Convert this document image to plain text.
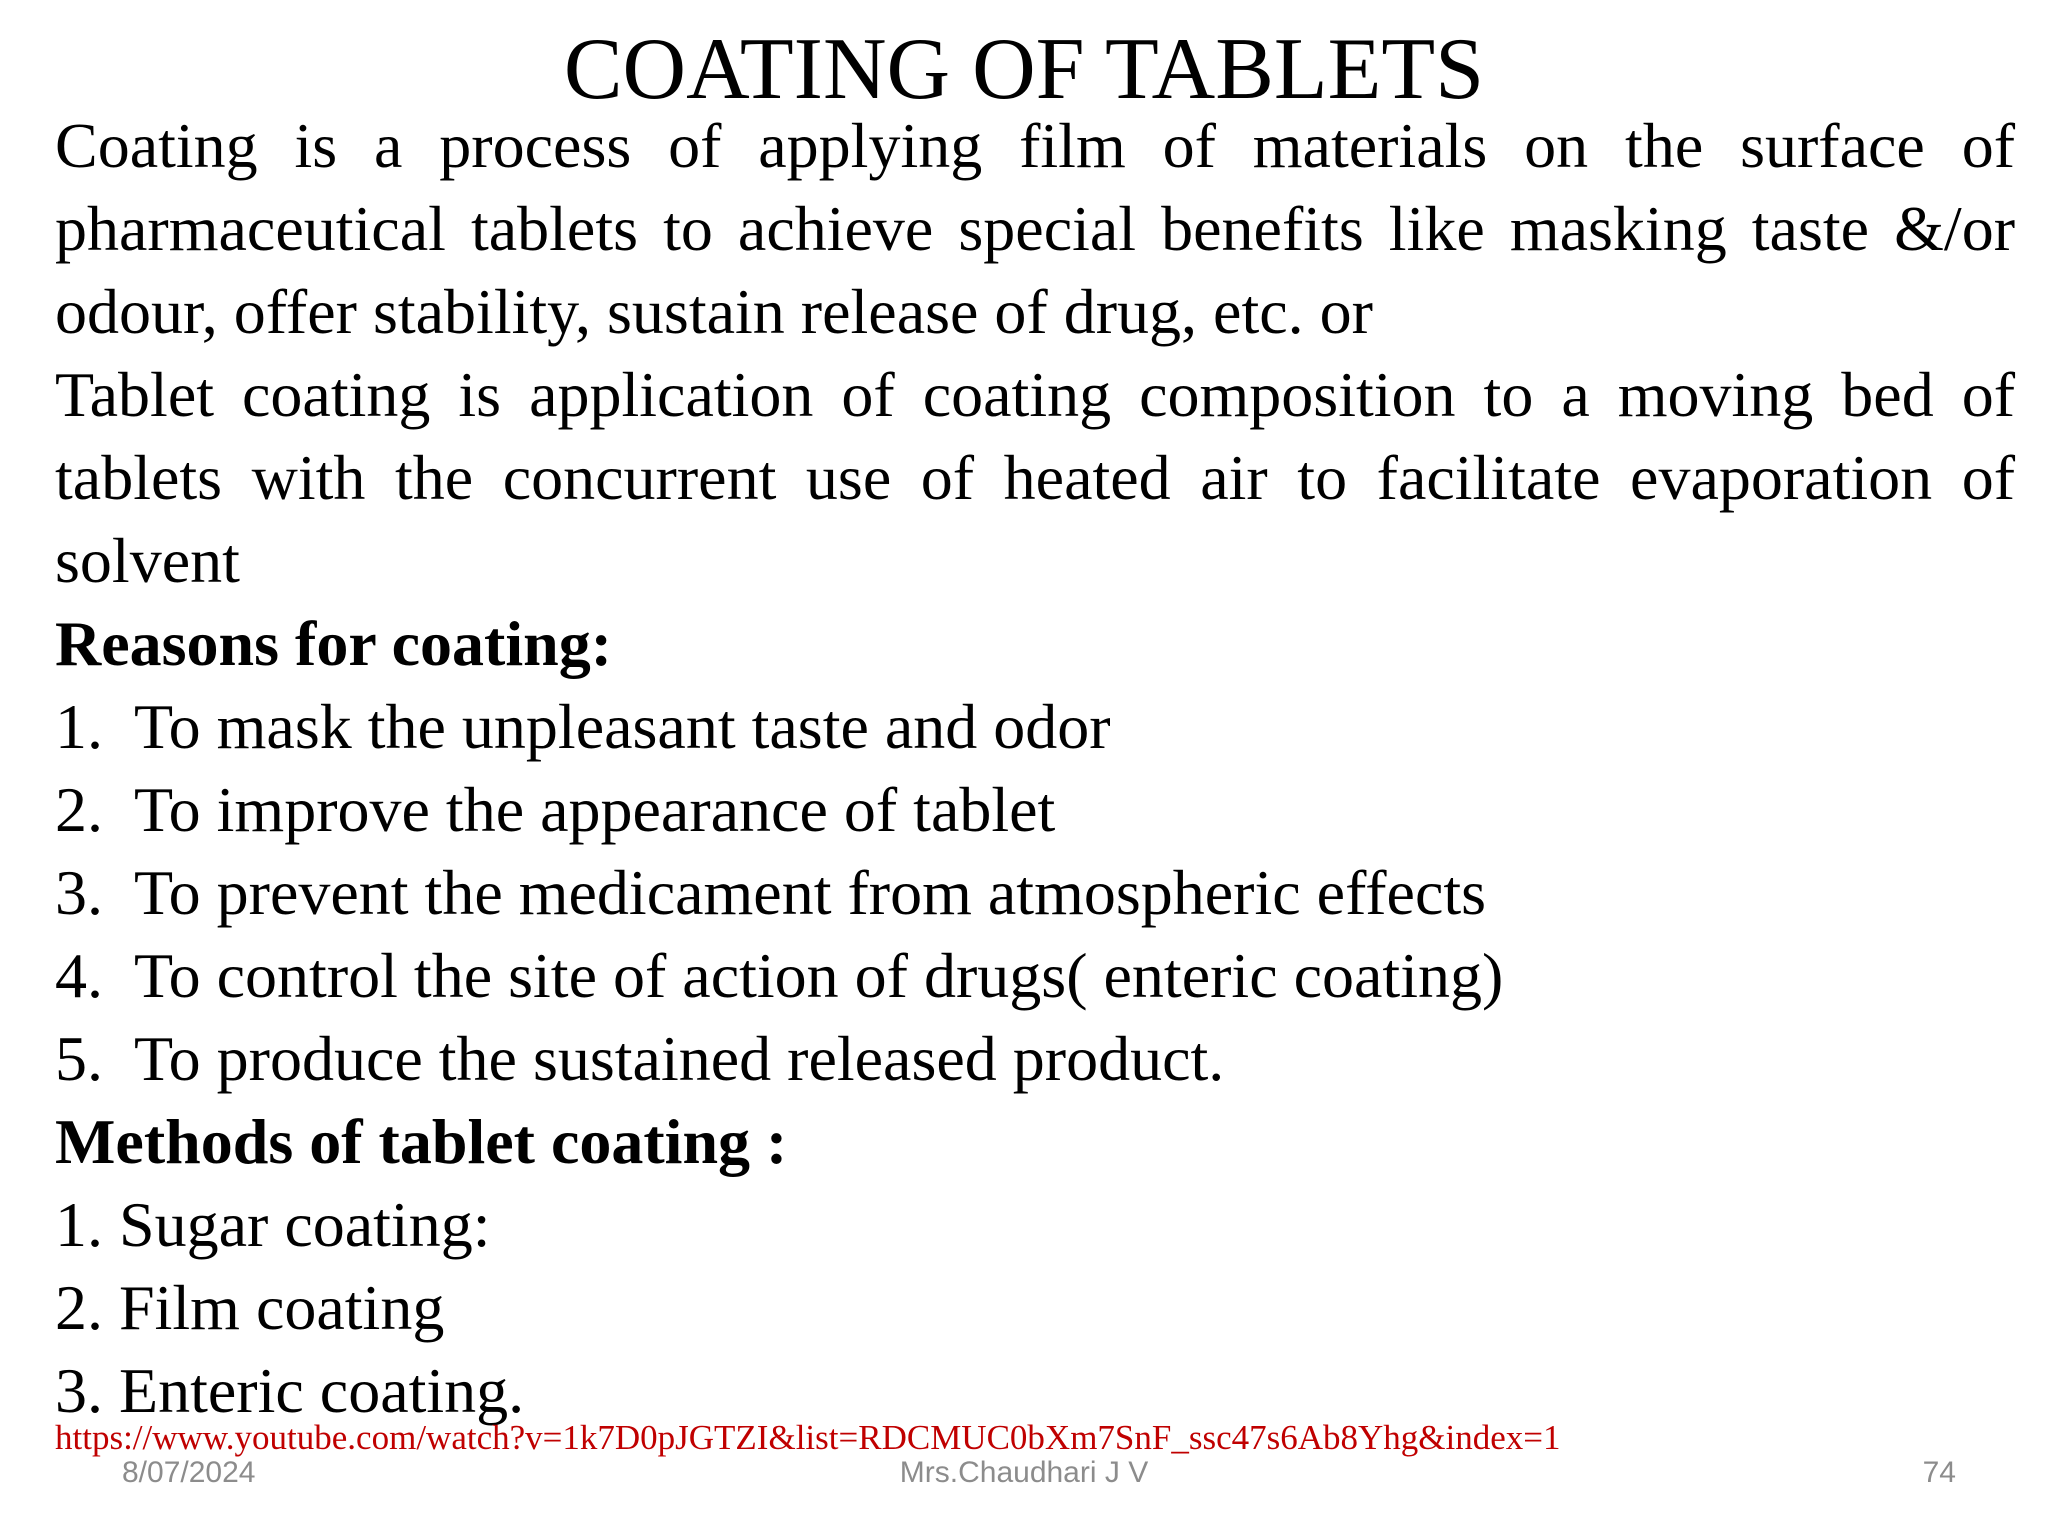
COATING OF TABLETS

Coating is a process of applying film of materials on the surface of pharmaceutical tablets to achieve special benefits like masking taste &/or odour, offer stability, sustain release of drug, etc. or

Tablet coating is application of coating composition to a moving bed of tablets with the concurrent use of heated air to facilitate evaporation of solvent

Reasons for coating:

1. To mask the unpleasant taste and odor
2. To improve the appearance of tablet
3. To prevent the medicament from atmospheric effects
4. To control the site of action of drugs( enteric coating)
5. To produce the sustained released product.

Methods of tablet coating :

1. Sugar coating:
2. Film coating
3. Enteric coating.
https://www.youtube.com/watch?v=1k7D0pJGTZI&list=RDCMUC0bXm7SnF_ssc47s6Ab8Yhg&index=1
8/07/2024	Mrs.Chaudhari J V	74
